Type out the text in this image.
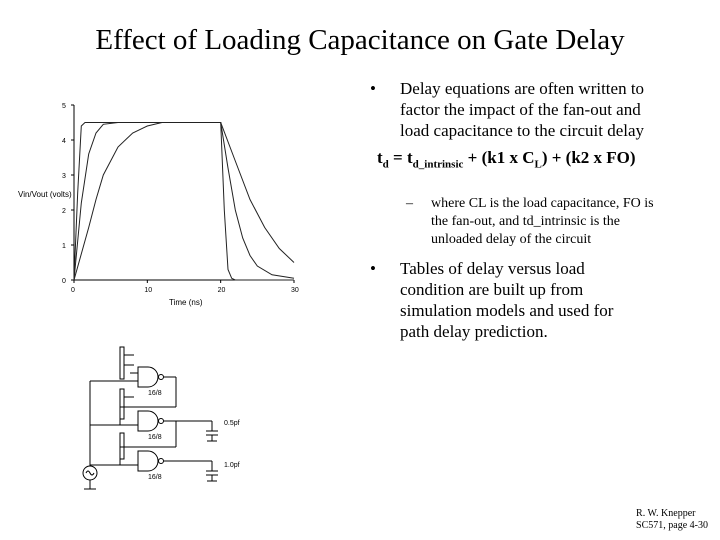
Effect of Loading Capacitance on Gate Delay
0
1
2
3
4
5
0	10	20	30
Vin/Vout (volts)
Time (ns)
16/8
16/8
16/8
0.5pf
1.0pf
• Delay equations are often written to factor the impact of the fan-out and load capacitance to the circuit delay
$t_d = t_{d\_intrinsic} + (k1$ x $C_L) + (k2$ x FO)
– where CL is the load capacitance, FO is the fan-out, and td_intrinsic is the unloaded delay of the circuit
• Tables of delay versus load condition are built up from simulation models and used for path delay prediction.
R. W. Knepper
SC571, page 4-30
